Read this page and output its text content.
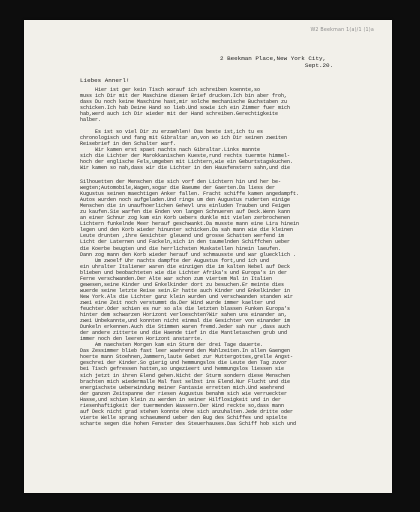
W2 Beekman 1(a)/1 (1)a
2 Beekman Place,New York City,
Sept.20.
Liebes Annerl!
Hier ist ger kein Tisch worauf ich schreiben koennte,so
muss ich Dir mit der Maschine diesen Brief drucken.Ich bin aber froh,
dass Du noch keine Maschine hast,mir solche mechanische Buchstaben zu
schicken.Ich hab Deine Hand so lieb.Und sowie ich ein Zimmer fuer mich
hab,werd auch ich Dir wieder mit der Hand schreiben.Gerechtigkeite
halber.
Es ist so viel Dir zu erzaehlen! Das beste ist,ich tu es
chronologisch und fang mit Gibraltar an,von wo ich Dir seinen zweiten
Reisebrief in den Schalter warf.
Wir kamen erst spaet nachts nach Gibraltar.Links mannte
sich die Lichter der Marokkanischen Kueste,rund rechts tuermte himmel-
hoch der englische Fels,umgeben mit Lichtern,wie ein Geburtstagskuchen.
Wir kamen so nah,dass wir die Lichter in den Hausfenstern sahn,und die
Silhouetten der Menschen die sich vorf den Lichtern hin und her be-
wegten;Automobile,Wagen,sogar die Baeume der Gaerten.Da liess der
Kugustus seinen maechtigen Anker fallen. Fracht schiffe kamen angedampft.
Autos wurden noch aufgeladen.Und rings um den Augustus ruderten einige
Menschen die in unaufhoerlichen Gehevl uns einluden Trauben und Feigen
zu kaufen.Sie warfen die Enden von langen Schnueren auf Deck.Wenn kann
an einer Schnur zog kam ein Korb uebers dunkle mit vielen zerbrochenen
Lichtern funkelnde Meer herauf geschwankt.Da musste mann eine Lira hinein
legen und den Korb wieder hinunter schicken.Da sah mann wie die kleinen
Leute drunten ,ihre Gesichter gleuend und grosse Schatten werfend im
Licht der Laternen und Fackeln,sich in den taumelnden Schiffchen ueber
die Koerbe beugten und die herrlichsten Muskatellen hinein laeufen.
Dann zog mann den Korb wieder herauf und schmausste und war gluecklich .
Um zwoelf Uhr nachts dampfte der Augustus fort,und ich und
ein uhralter Italiener waren die einzigen die im kalten Nebel auf Deck
blieben und beobachteten wie die Lichter Afrika's und Europa's in der
Ferne verschwanden.Der Alte war schon zum viertem Mal in Italien
gewesen,seine Kinder und Enkelkinder dort zu besuchen.Er meinte dies
wuerde seine letzte Reise sein.Er hatte auch Kinder und Enkelkinder in
New York.Als die Lichter ganz klein wurden und verschwanden standen wir
zwei eine Zeit noch verstummt da.Der Wind wurde immer kaelter und
feuchter.Oder schien es nur so als die letzten blassen Funken Europa's
hinter dem schwarzen Horizont verloeschten?Wir sahen uns einander an,
zwei Unbekannte,und konnten nicht einmal die Gesichter von einander im
Dunkeln erkennen.Auch die Stimmen waren fremd.Jeder sah nur ,dass auch
der andere zitterte und die Haende tief in die Mantletaschen grub und
immer noch den leeren Horizont anstarrte.
Am naechsten Morgen kam ein Sturm der drei Tage dauerte.
Das Zessimmer blieb fast leer waehrend den Mahlzeiten.In allen Gaengen
hoerte mann Stoehnen,Jammern,laute Gebet zur Muttergottes,grelle Angst-
geschrei der Kinder.So gierig und hemmungslos die Leute den Tag zuvor
bei Tisch gefressen hatten,so ungezieert und hemmungslos liessen sie
sich jetzt in ihren Elend gehen.Nicht der Sturm sondern diese Menschen
brachten mich wiedermalle Mal fast selbst ins Elend.Nur Flucht und die
energischste ueberwindung meiner Fantasie erretten mich.Und waehrend
der ganzen Zeitspanne der riesen Augustus benahm sich wie verrueckter
Hasse,und schien klein zu werden in seiner Hilflosigkeit und in der
riesenhaftigkeit der tuermenden Wassern.Der Wind reckte so,dass mann
auf Deck nicht grad stehen konnte ohne sich anzuhalten.Jede dritte oder
vierte Welle sprang schaeumend ueber den Bug des Schiffes und spielte
scharte segen die hohen Fenster des Steuerhauses.Das Schiff hob sich und
